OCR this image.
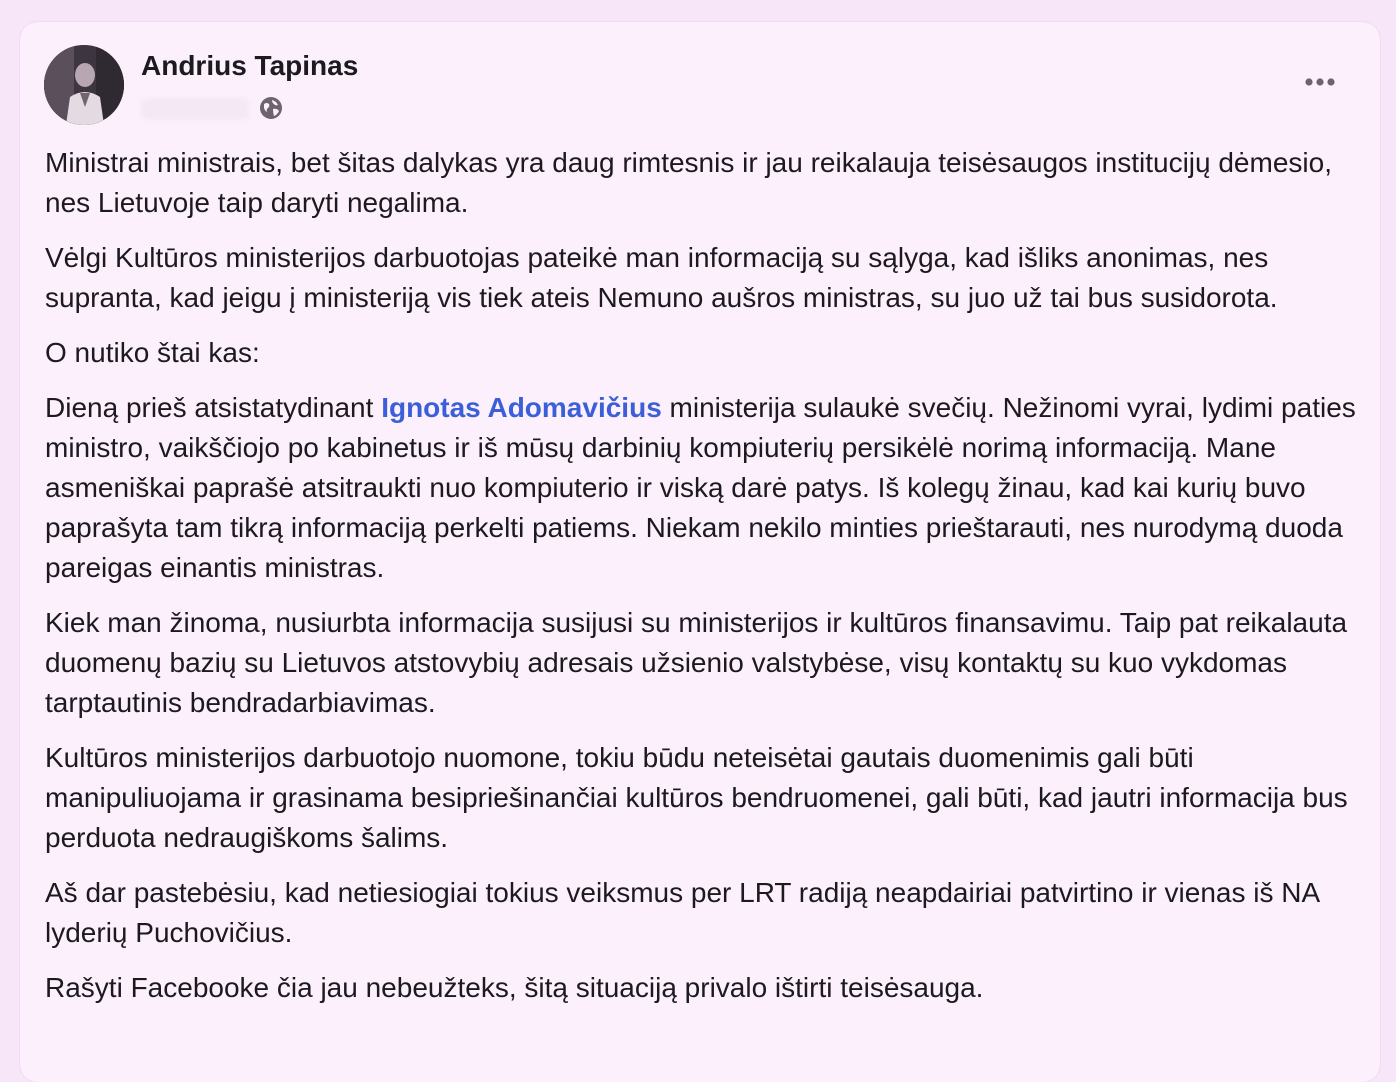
Andrius Tapinas

Ministrai ministrais, bet šitas dalykas yra daug rimtesnis ir jau reikalauja teisėsaugos institucijų dėmesio, nes Lietuvoje taip daryti negalima.

Vėlgi Kultūros ministerijos darbuotojas pateikė man informaciją su sąlyga, kad išliks anonimas, nes supranta, kad jeigu į ministeriją vis tiek ateis Nemuno aušros ministras, su juo už tai bus susidorota.

O nutiko štai kas:

Dieną prieš atsistatydinant Ignotas Adomavičius ministerija sulaukė svečių. Nežinomi vyrai, lydimi paties ministro, vaikščiojo po kabinetus ir iš mūsų darbinių kompiuterių persikėlė norimą informaciją. Mane asmeniškai paprašė atsitraukti nuo kompiuterio ir viską darė patys. Iš kolegų žinau, kad kai kurių buvo paprašyta tam tikrą informaciją perkelti patiems. Niekam nekilo minties prieštarauti, nes nurodymą duoda pareigas einantis ministras.

Kiek man žinoma, nusiurbta informacija susijusi su ministerijos ir kultūros finansavimu. Taip pat reikalauta duomenų bazių su Lietuvos atstovybių adresais užsienio valstybėse, visų kontaktų su kuo vykdomas tarptautinis bendradarbiavimas.

Kultūros ministerijos darbuotojo nuomone, tokiu būdu neteisėtai gautais duomenimis gali būti manipuliuojama ir grasinama besipriešinančiai kultūros bendruomenei, gali būti, kad jautri informacija bus perduota nedraugiškoms šalims.

Aš dar pastebėsiu, kad netiesiogiai tokius veiksmus per LRT radiją neapdairiai patvirtino ir vienas iš NA lyderių Puchovičius.

Rašyti Facebooke čia jau nebeužteks, šitą situaciją privalo ištirti teisėsauga.
